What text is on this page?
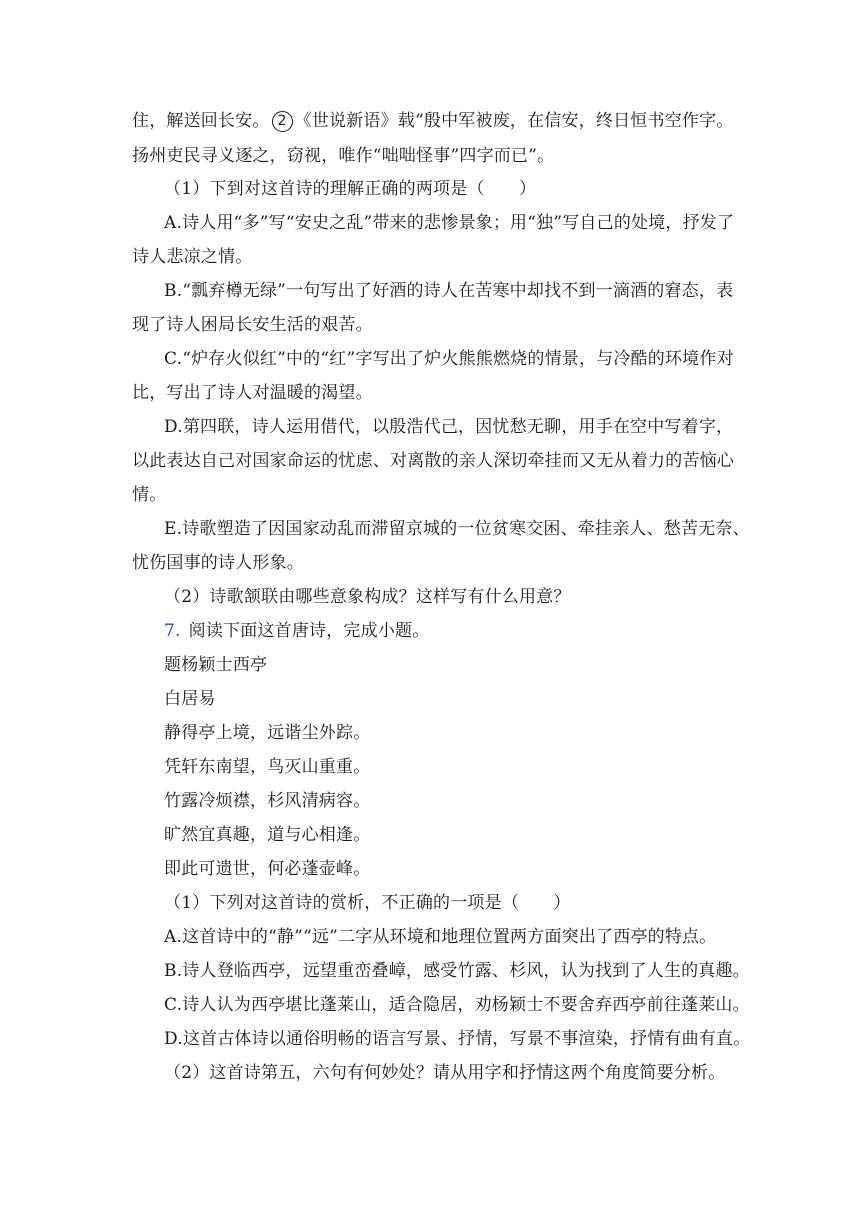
住，解送回长安。 2 《世说新语》载“殷中军被废，在信安，终日恒书空作字。
扬州吏民寻义逐之，窃视，唯作“咄咄怪事”四字而已”。
（1）下到对这首诗的理解正确的两项是（　　）
A.诗人用“多”写“安史之乱”带来的悲惨景象；用“独”写自己的处境，抒发了
诗人悲凉之情。
B.“瓢弃樽无绿”一句写出了好酒的诗人在苦寒中却找不到一滴酒的窘态，表
现了诗人困局长安生活的艰苦。
C.“炉存火似红”中的“红”字写出了炉火熊熊燃烧的情景，与冷酷的环境作对
比，写出了诗人对温暖的渴望。
D.第四联，诗人运用借代，以殷浩代己，因忧愁无聊，用手在空中写着字，
以此表达自己对国家命运的忧虑、对离散的亲人深切牵挂而又无从着力的苦恼心
情。
E.诗歌塑造了因国家动乱而滞留京城的一位贫寒交困、牵挂亲人、愁苦无奈、
忧伤国事的诗人形象。
（2）诗歌颔联由哪些意象构成？这样写有什么用意？
7. 阅读下面这首唐诗，完成小题。
题杨颖士西亭
白居易
静得亭上境，远谐尘外踪。
凭轩东南望，鸟灭山重重。
竹露冷烦襟，杉风清病容。
旷然宜真趣，道与心相逢。
即此可遗世，何必蓬壶峰。
（1）下列对这首诗的赏析，不正确的一项是（　　）
A.这首诗中的“静”“远”二字从环境和地理位置两方面突出了西亭的特点。
B.诗人登临西亭，远望重峦叠嶂，感受竹露、杉风，认为找到了人生的真趣。
C.诗人认为西亭堪比蓬莱山，适合隐居，劝杨颖士不要舍弃西亭前往蓬莱山。
D.这首古体诗以通俗明畅的语言写景、抒情，写景不事渲染，抒情有曲有直。
（2）这首诗第五，六句有何妙处？请从用字和抒情这两个角度简要分析。
